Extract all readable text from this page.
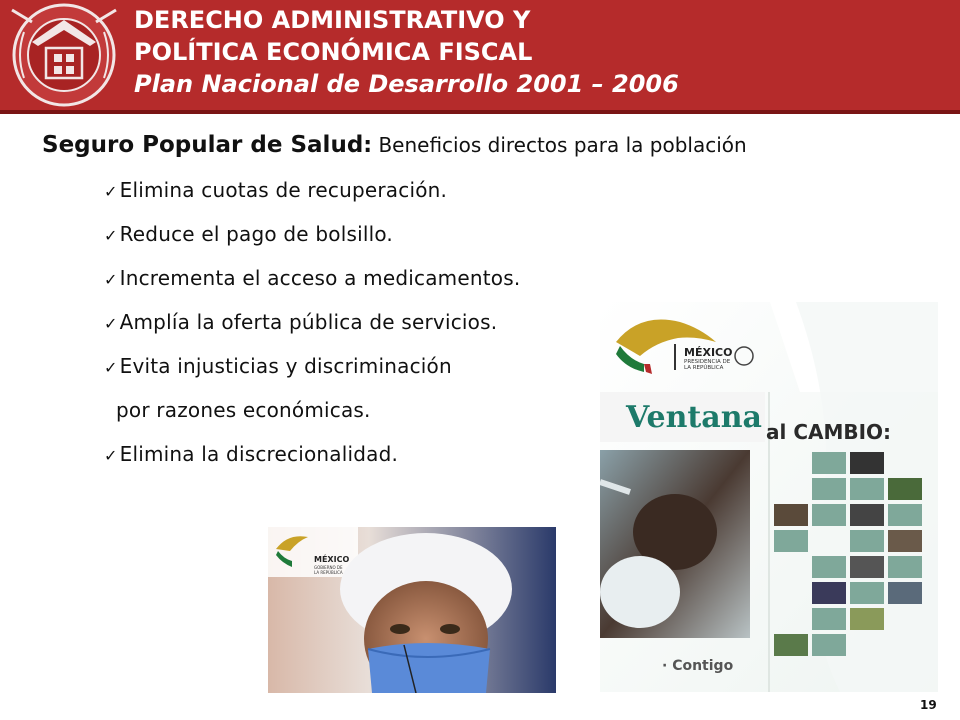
DERECHO ADMINISTRATIVO Y
POLÍTICA ECONÓMICA FISCAL
Plan Nacional de Desarrollo 2001 – 2006
Seguro Popular de Salud: Beneficios directos para la población
✓ Elimina cuotas de recuperación.
✓ Reduce el pago de bolsillo.
✓ Incrementa el acceso a medicamentos.
✓ Amplía la oferta pública de servicios.
✓ Evita injusticias y discriminación
por razones económicas.
✓ Elimina la discrecionalidad.
MÉXICO
PRESIDENCIA DE LA REPÚBLICA
Ventana al CAMBIO:
· Contigo
MÉXICO
GOBIERNO DE LA REPÚBLICA
19
